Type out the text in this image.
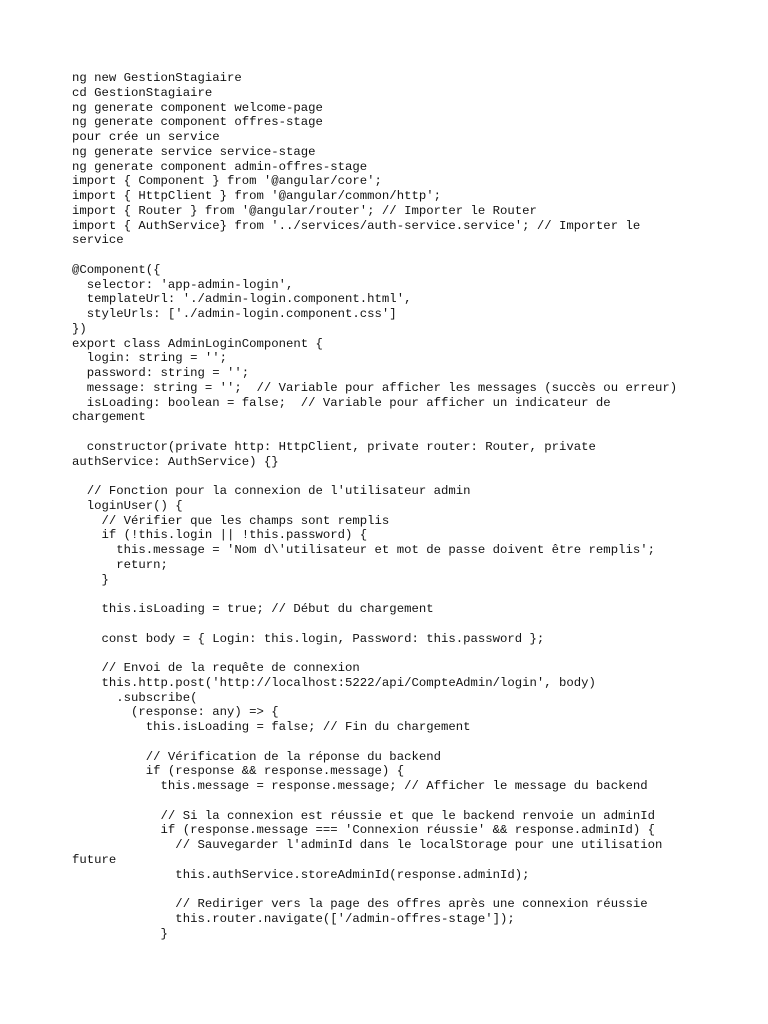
ng new GestionStagiaire
cd GestionStagiaire
ng generate component welcome-page
ng generate component offres-stage
pour crée un service
ng generate service service-stage
ng generate component admin-offres-stage
import { Component } from '@angular/core';
import { HttpClient } from '@angular/common/http';
import { Router } from '@angular/router'; // Importer le Router
import { AuthService} from '../services/auth-service.service'; // Importer le
service
@Component({
selector: 'app-admin-login',
templateUrl: './admin-login.component.html',
styleUrls: ['./admin-login.component.css']
})
export class AdminLoginComponent {
login: string = '';
password: string = '';
message: string = '';  // Variable pour afficher les messages (succès ou erreur)
isLoading: boolean = false;  // Variable pour afficher un indicateur de
chargement
constructor(private http: HttpClient, private router: Router, private
authService: AuthService) {}
// Fonction pour la connexion de l'utilisateur admin
loginUser() {
// Vérifier que les champs sont remplis
if (!this.login || !this.password) {
this.message = 'Nom d\'utilisateur et mot de passe doivent être remplis';
return;
}
this.isLoading = true; // Début du chargement
const body = { Login: this.login, Password: this.password };
// Envoi de la requête de connexion
this.http.post('http://localhost:5222/api/CompteAdmin/login', body)
.subscribe(
(response: any) => {
this.isLoading = false; // Fin du chargement
// Vérification de la réponse du backend
if (response && response.message) {
this.message = response.message; // Afficher le message du backend
// Si la connexion est réussie et que le backend renvoie un adminId
if (response.message === 'Connexion réussie' && response.adminId) {
// Sauvegarder l'adminId dans le localStorage pour une utilisation
future
this.authService.storeAdminId(response.adminId);
// Rediriger vers la page des offres après une connexion réussie
this.router.navigate(['/admin-offres-stage']);
}
